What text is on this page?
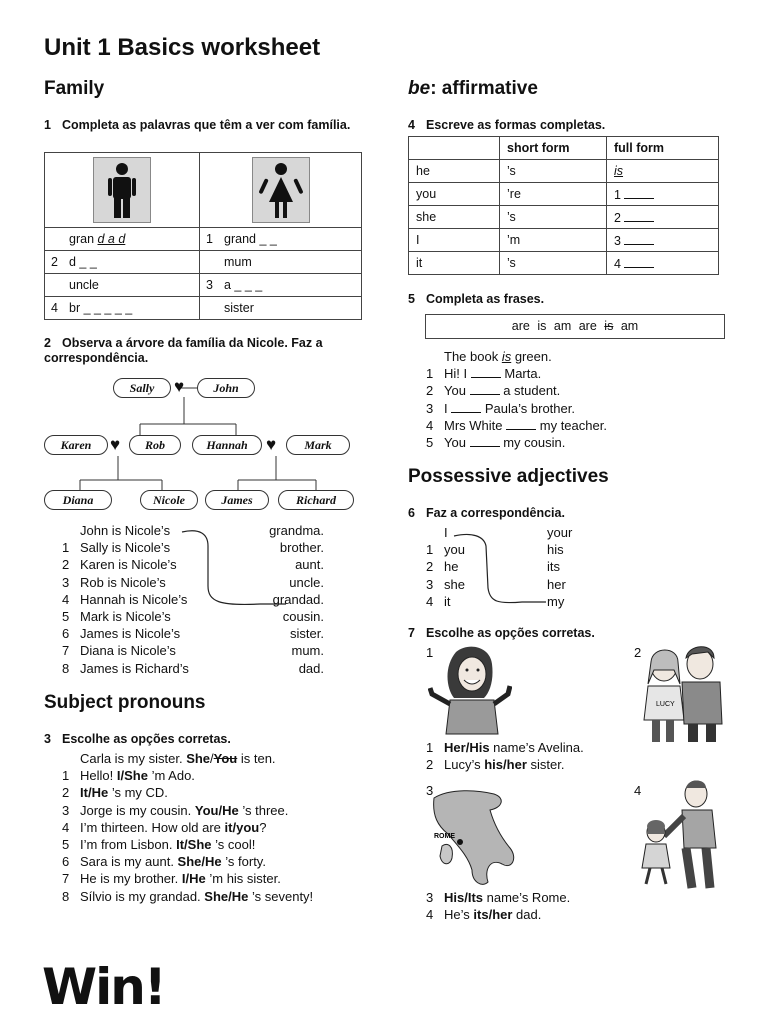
Unit 1 Basics worksheet
Family
1 Completa as palavras que têm a ver com família.

gran d a d	1 grand _ _
2 d _ _	mum
uncle	3 a _ _ _
4 br _ _ _ _ _	sister
2 Observa a árvore da família da Nicole. Faz a correspondência.
Sally	♥	John
Karen	♥	Rob	Hannah	♥	Mark
Diana	Nicole	James	Richard
John is Nicole’s	grandma.
1 Sally is Nicole’s	brother.
2 Karen is Nicole’s	aunt.
3 Rob is Nicole’s	uncle.
4 Hannah is Nicole’s	grandad.
5 Mark is Nicole’s	cousin.
6 James is Nicole’s	sister.
7 Diana is Nicole’s	mum.
8 James is Richard’s	dad.
Subject pronouns
3 Escolhe as opções corretas.
Carla is my sister. She/You is ten.
1 Hello! I/She ’m Ado.
2 It/He ’s my CD.
3 Jorge is my cousin. You/He ’s three.
4 I’m thirteen. How old are it/you?
5 I’m from Lisbon. It/She ’s cool!
6 Sara is my aunt. She/He ’s forty.
7 He is my brother. I/He ’m his sister.
8 Sílvio is my grandad. She/He ’s seventy!
Win!
be: affirmative
4 Escreve as formas completas.
	short form	full form
he	’s	is
you	’re	1
she	’s	2
I	’m	3
it	’s	4
5 Completa as frases.
are is am are is am
The book is green.
1 Hi! I	Marta.
2 You	a student.
3 I	Paula’s brother.
4 Mrs White	my teacher.
5 You	my cousin.
Possessive adjectives
6 Faz a correspondência.
I	your
1 you	his
2 he	its
3 she	her
4 it	my
7 Escolhe as opções corretas.
1	2
LUCY
1 Her/His name’s Avelina.
2 Lucy’s his/her sister.
3
ROME
4
3 His/Its name’s Rome.
4 He’s its/her dad.
